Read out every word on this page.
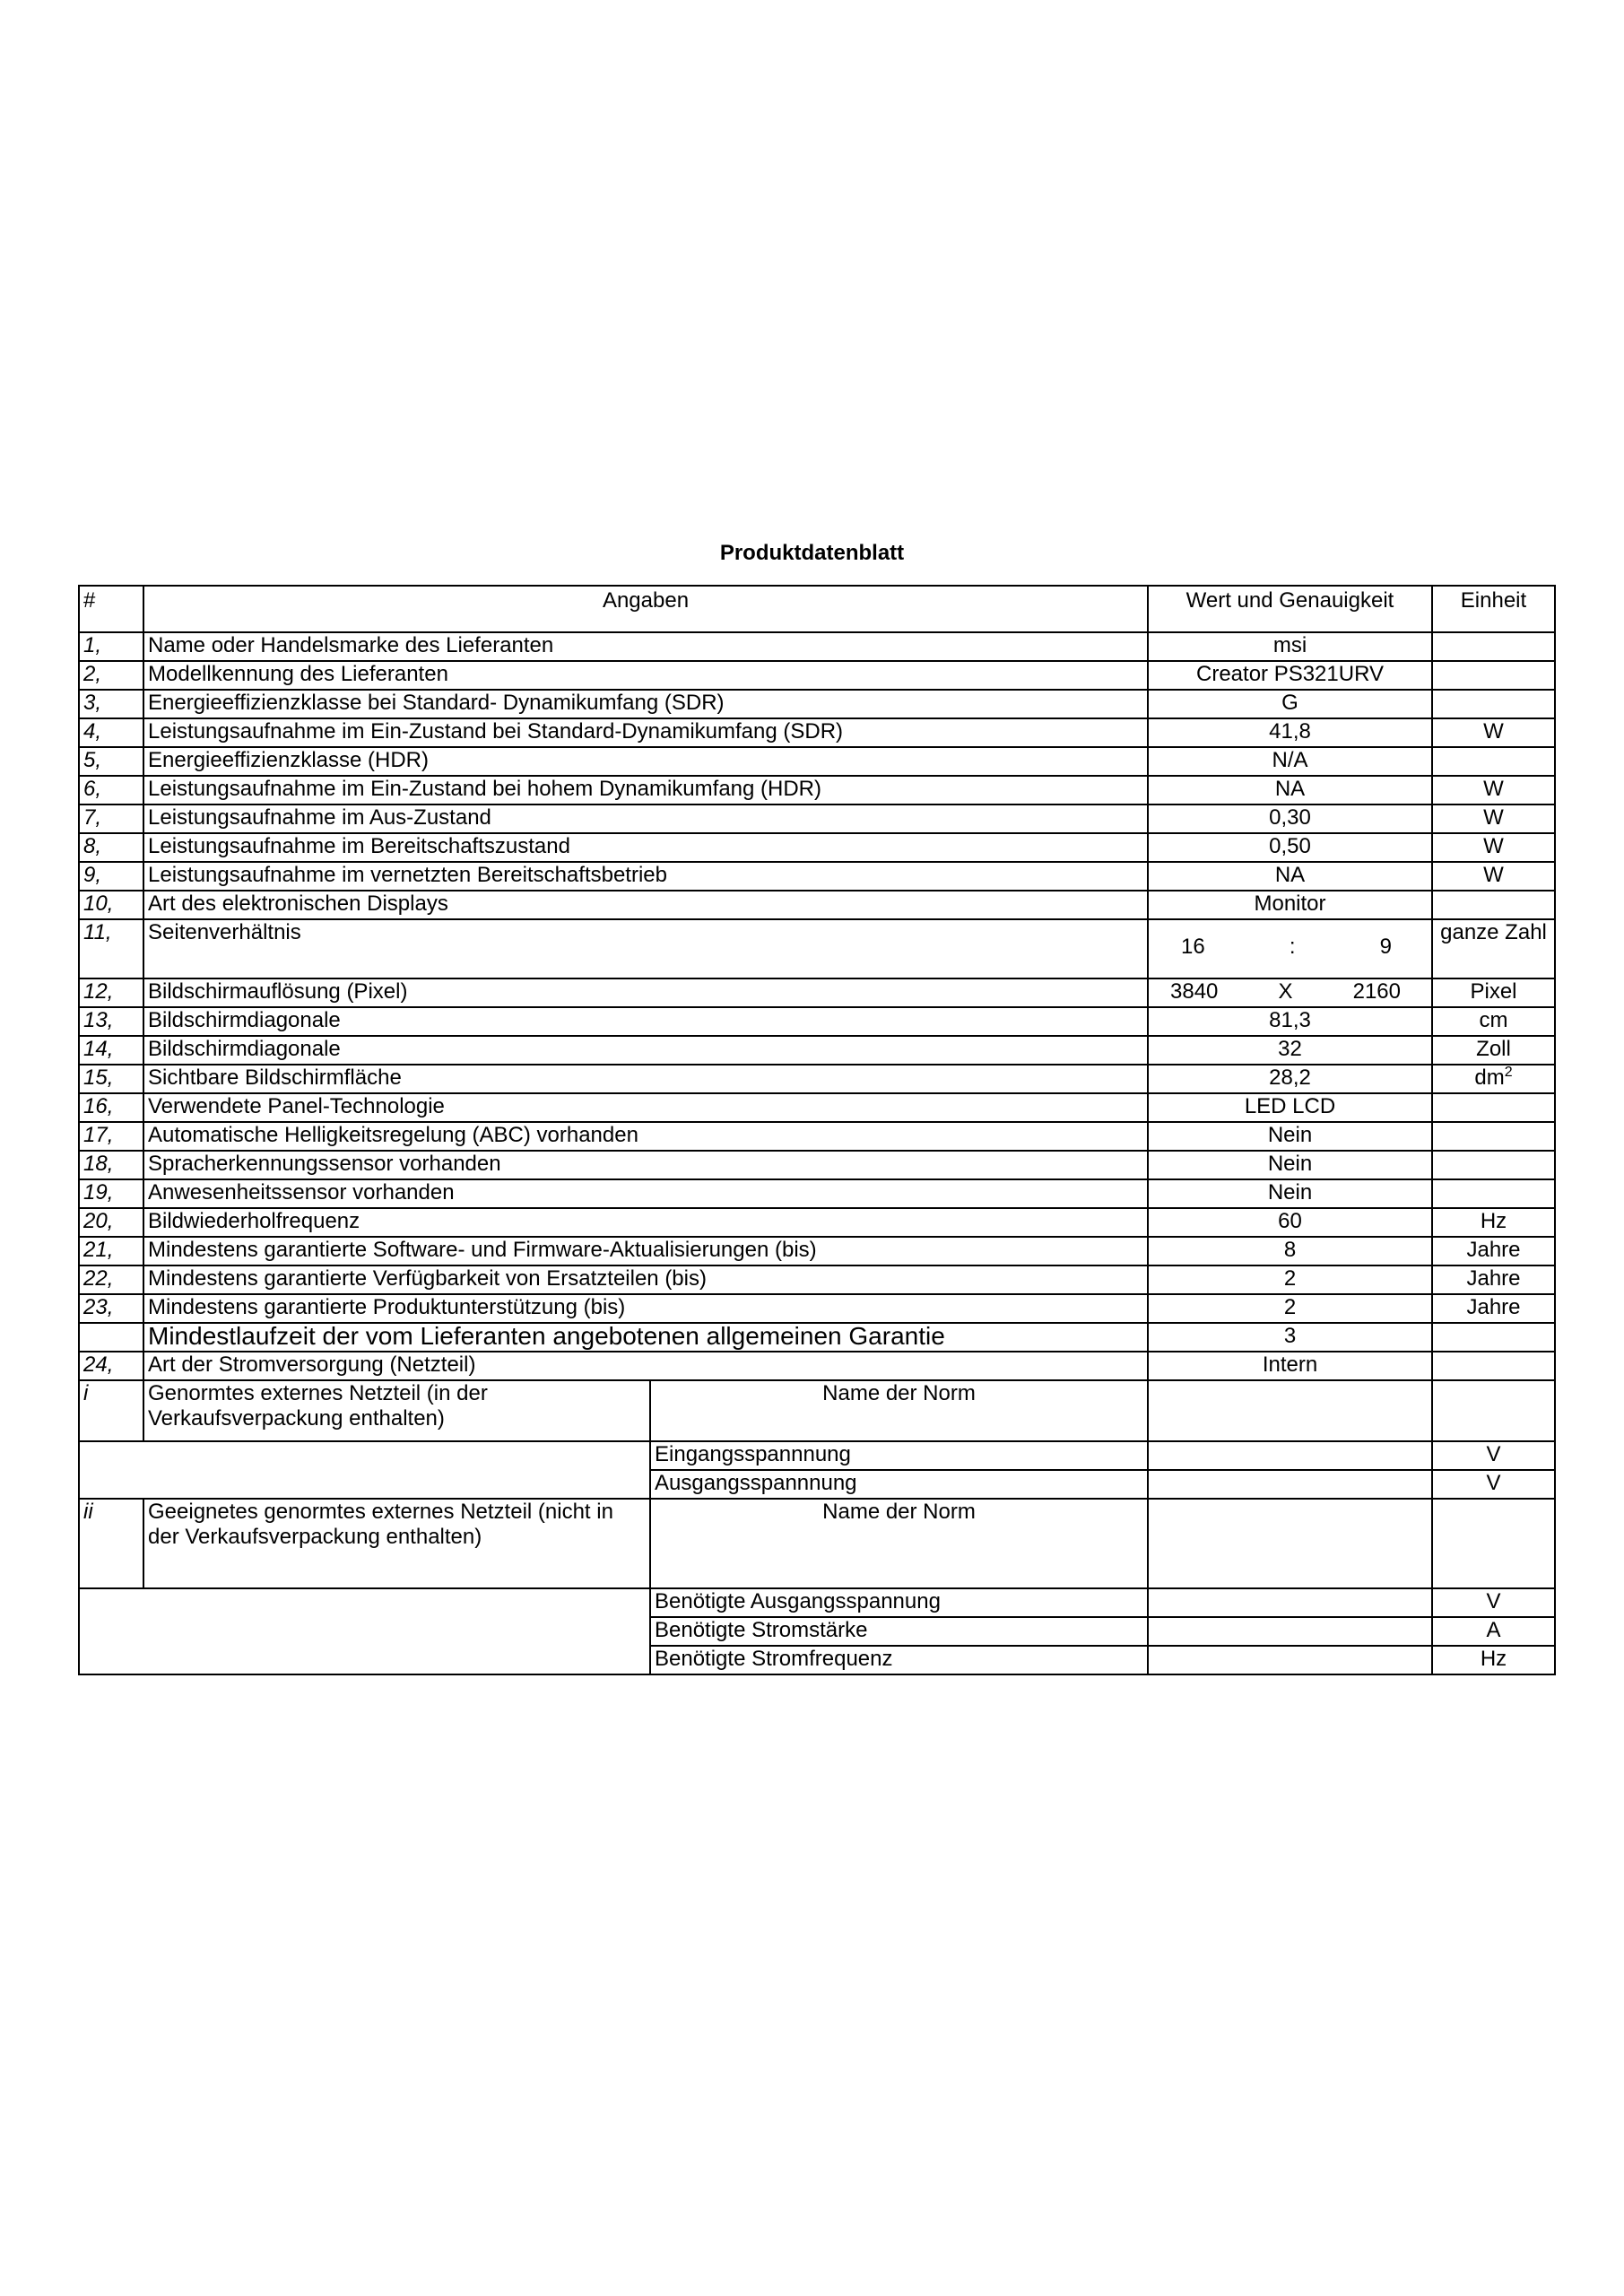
Produktdatenblatt
#	Angaben		Wert und Genauigkeit	Einheit
1,	Name oder Handelsmarke des Lieferanten		msi	
2,	Modellkennung des Lieferanten		Creator PS321URV	
3,	Energieeffizienzklasse bei Standard- Dynamikumfang (SDR)		G	
4,	Leistungsaufnahme im Ein-Zustand bei Standard-Dynamikumfang (SDR)		41,8	W
5,	Energieeffizienzklasse (HDR)		N/A	
6,	Leistungsaufnahme im Ein-Zustand bei hohem Dynamikumfang (HDR)		NA	W
7,	Leistungsaufnahme im Aus-Zustand		0,30	W
8,	Leistungsaufnahme im Bereitschaftszustand		0,50	W
9,	Leistungsaufnahme im vernetzten Bereitschaftsbetrieb		NA	W
10,	Art des elektronischen Displays		Monitor	
11,	Seitenverhältnis		16 : 9	ganze Zahl
12,	Bildschirmauflösung (Pixel)		3840 X 2160	Pixel
13,	Bildschirmdiagonale		81,3	cm
14,	Bildschirmdiagonale		32	Zoll
15,	Sichtbare Bildschirmfläche		28,2	$dm^2$
16,	Verwendete Panel-Technologie		LED LCD	
17,	Automatische Helligkeitsregelung (ABC) vorhanden		Nein	
18,	Spracherkennungssensor vorhanden		Nein	
19,	Anwesenheitssensor vorhanden		Nein	
20,	Bildwiederholfrequenz		60	Hz
21,	Mindestens garantierte Software- und Firmware-Aktualisierungen (bis)		8	Jahre
22,	Mindestens garantierte Verfügbarkeit von Ersatzteilen (bis)		2	Jahre
23,	Mindestens garantierte Produktunterstützung (bis)		2	Jahre
	Mindestlaufzeit der vom Lieferanten angebotenen allgemeinen Garantie		3	
24,	Art der Stromversorgung (Netzteil)		Intern	
i	Genormtes externes Netzteil (in der Verkaufsverpackung enthalten)	Name der Norm		
		Eingangsspannnung		V
		Ausgangsspannnung		V
ii	Geeignetes genormtes externes Netzteil (nicht in der Verkaufsverpackung enthalten)	Name der Norm		
		Benötigte Ausgangsspannung		V
		Benötigte Stromstärke		A
		Benötigte Stromfrequenz		Hz
